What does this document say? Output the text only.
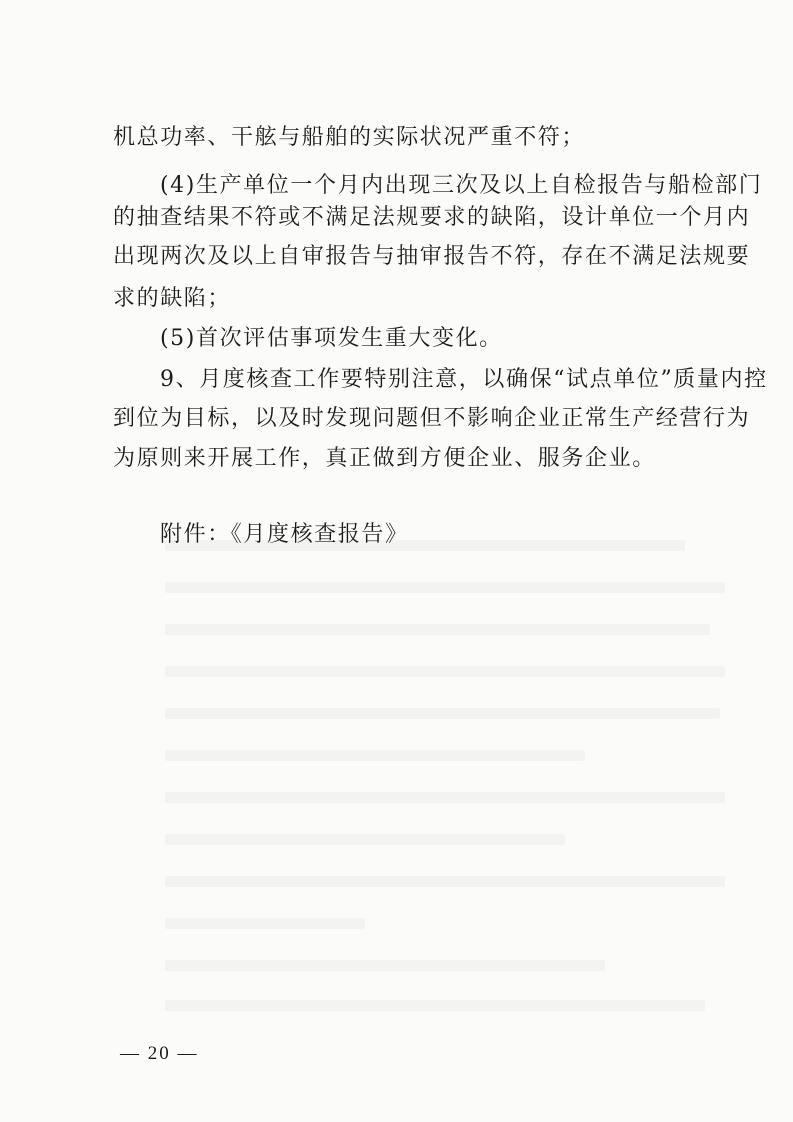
机总功率、干舷与船舶的实际状况严重不符；
(4)生产单位一个月内出现三次及以上自检报告与船检部门
的抽查结果不符或不满足法规要求的缺陷，设计单位一个月内
出现两次及以上自审报告与抽审报告不符，存在不满足法规要
求的缺陷；
(5)首次评估事项发生重大变化。
9、月度核查工作要特别注意，以确保“试点单位”质量内控
到位为目标，以及时发现问题但不影响企业正常生产经营行为
为原则来开展工作，真正做到方便企业、服务企业。
附件：《月度核查报告》
— 20 —
